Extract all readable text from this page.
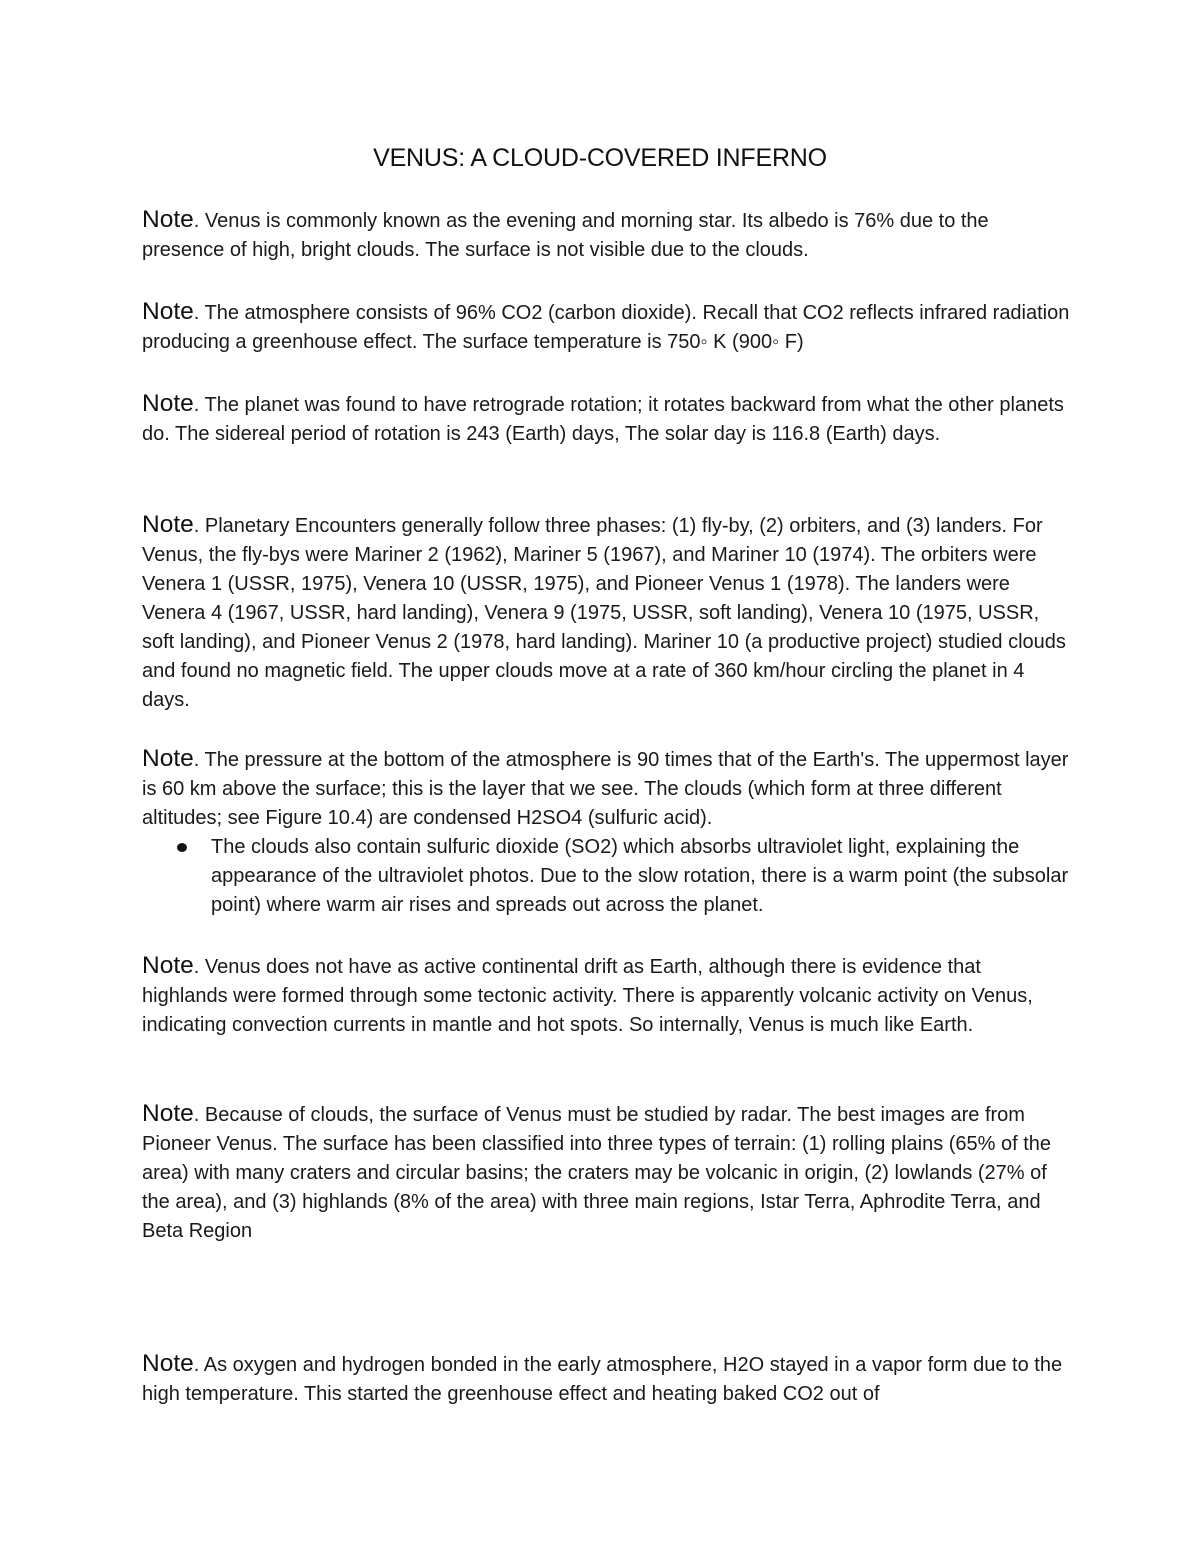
VENUS: A CLOUD-COVERED INFERNO

Note. Venus is commonly known as the evening and morning star. Its albedo is 76% due to the presence of high, bright clouds. The surface is not visible due to the clouds.

Note. The atmosphere consists of 96% CO2 (carbon dioxide). Recall that CO2 reflects infrared radiation producing a greenhouse effect. The surface temperature is 750◦ K (900◦ F)

Note. The planet was found to have retrograde rotation; it rotates backward from what the other planets do. The sidereal period of rotation is 243 (Earth) days, The solar day is 116.8 (Earth) days.

Note. Planetary Encounters generally follow three phases: (1) fly-by, (2) orbiters, and (3) landers. For Venus, the fly-bys were Mariner 2 (1962), Mariner 5 (1967), and Mariner 10 (1974). The orbiters were Venera 1 (USSR, 1975), Venera 10 (USSR, 1975), and Pioneer Venus 1 (1978). The landers were Venera 4 (1967, USSR, hard landing), Venera 9 (1975, USSR, soft landing), Venera 10 (1975, USSR, soft landing), and Pioneer Venus 2 (1978, hard landing). Mariner 10 (a productive project) studied clouds and found no magnetic field. The upper clouds move at a rate of 360 km/hour circling the planet in 4 days.

Note. The pressure at the bottom of the atmosphere is 90 times that of the Earth's. The uppermost layer is 60 km above the surface; this is the layer that we see. The clouds (which form at three different altitudes; see Figure 10.4) are condensed H2SO4 (sulfuric acid).
The clouds also contain sulfuric dioxide (SO2) which absorbs ultraviolet light, explaining the appearance of the ultraviolet photos. Due to the slow rotation, there is a warm point (the subsolar point) where warm air rises and spreads out across the planet.

Note. Venus does not have as active continental drift as Earth, although there is evidence that highlands were formed through some tectonic activity. There is apparently volcanic activity on Venus, indicating convection currents in mantle and hot spots. So internally, Venus is much like Earth.

Note. Because of clouds, the surface of Venus must be studied by radar. The best images are from Pioneer Venus. The surface has been classified into three types of terrain: (1) rolling plains (65% of the area) with many craters and circular basins; the craters may be volcanic in origin, (2) lowlands (27% of the area), and (3) highlands (8% of the area) with three main regions, Istar Terra, Aphrodite Terra, and Beta Region

Note. As oxygen and hydrogen bonded in the early atmosphere, H2O stayed in a vapor form due to the high temperature. This started the greenhouse effect and heating baked CO2 out of
